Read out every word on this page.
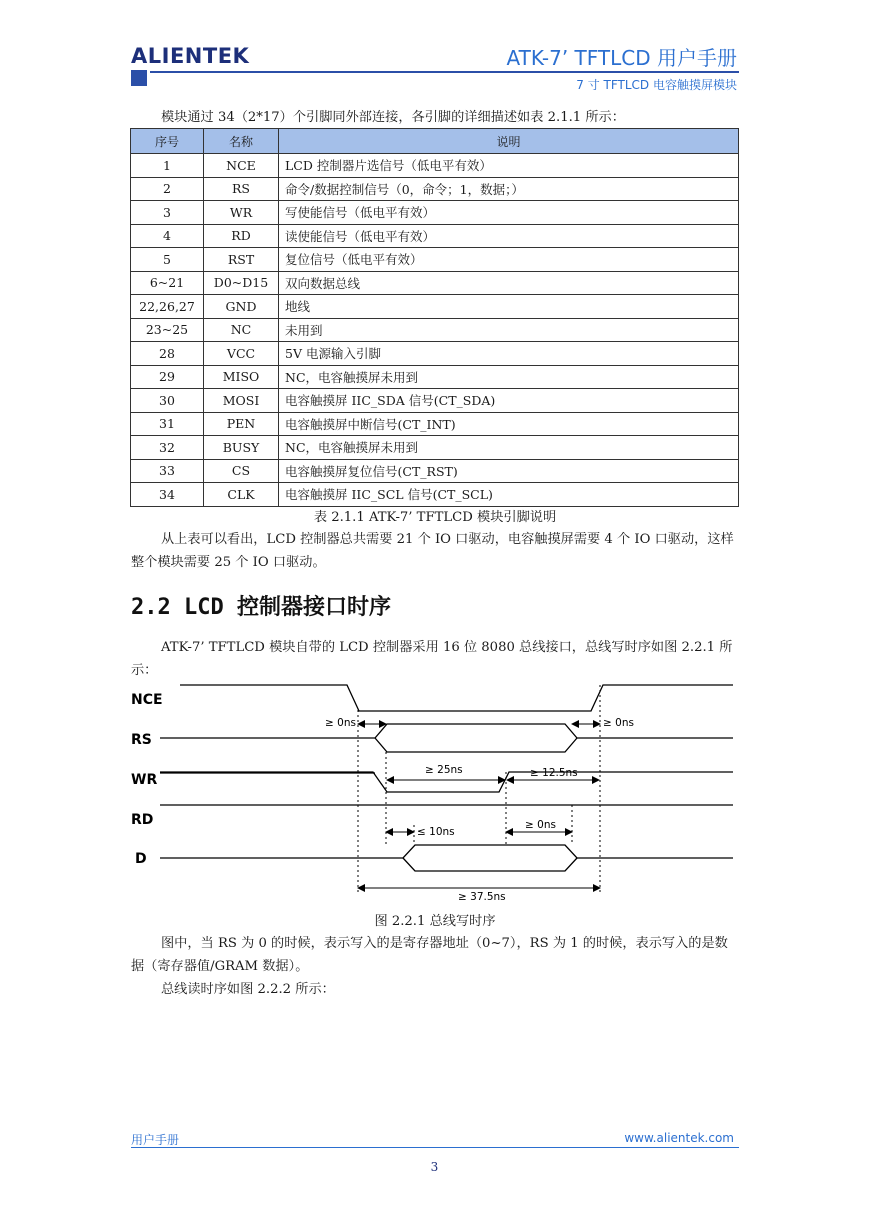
ALIENTEK	ATK-7’ TFTLCD 用户手册
7 寸 TFTLCD 电容触摸屏模块
模块通过 34（2*17）个引脚同外部连接，各引脚的详细描述如表 2.1.1 所示：
序号	名称	说明
1	NCE	LCD 控制器片选信号（低电平有效）
2	RS	命令/数据控制信号（0，命令；1，数据；）
3	WR	写使能信号（低电平有效）
4	RD	读使能信号（低电平有效）
5	RST	复位信号（低电平有效）
6~21	D0~D15	双向数据总线
22,26,27	GND	地线
23~25	NC	未用到
28	VCC	5V 电源输入引脚
29	MISO	NC，电容触摸屏未用到
30	MOSI	电容触摸屏 IIC_SDA 信号(CT_SDA)
31	PEN	电容触摸屏中断信号(CT_INT)
32	BUSY	NC，电容触摸屏未用到
33	CS	电容触摸屏复位信号(CT_RST)
34	CLK	电容触摸屏 IIC_SCL 信号(CT_SCL)
表 2.1.1 ATK-7’ TFTLCD 模块引脚说明
从上表可以看出，LCD 控制器总共需要 21 个 IO 口驱动，电容触摸屏需要 4 个 IO 口驱动，这样整个模块需要 25 个 IO 口驱动。
2.2 LCD 控制器接口时序
ATK-7’ TFTLCD 模块自带的 LCD 控制器采用 16 位 8080 总线接口，总线写时序如图 2.2.1 所示：
NCE
RS
WR
RD
D
≥ 0ns	≥ 0ns
≥ 25ns	≥ 12.5ns
≤ 10ns
≥ 0ns
≥ 37.5ns
图 2.2.1 总线写时序
图中，当 RS 为 0 的时候，表示写入的是寄存器地址（0~7），RS 为 1 的时候，表示写入的是数据（寄存器值/GRAM 数据）。
总线读时序如图 2.2.2 所示：
用户手册	www.alientek.com
3
